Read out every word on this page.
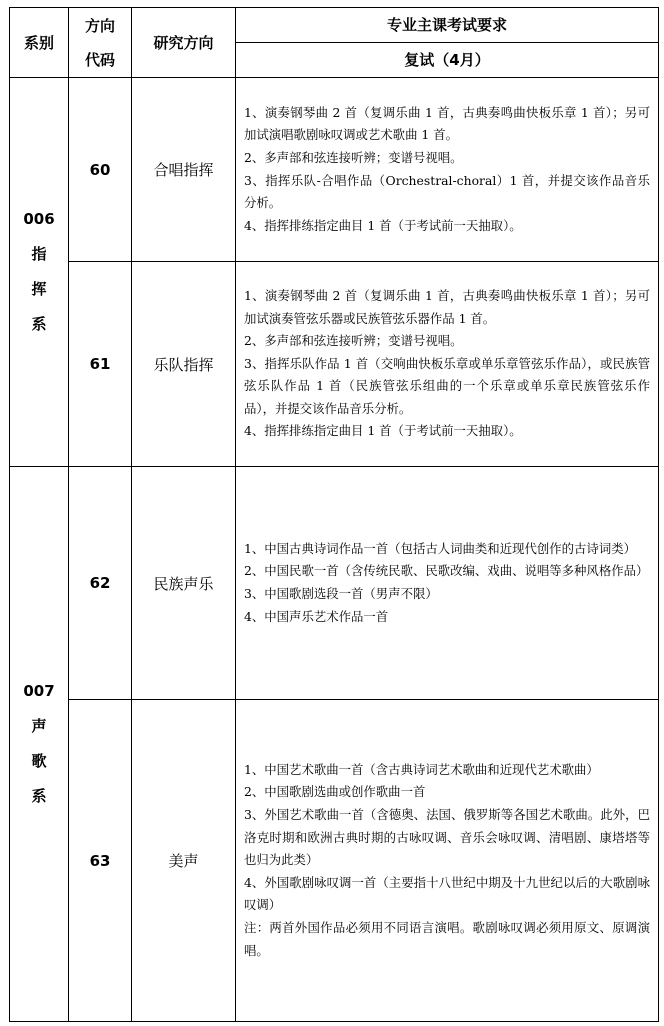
系别	方向
代码	研究方向	专业主课考试要求
			复试（4月）

006
指
挥
系	60	合唱指挥	1、演奏钢琴曲 2 首（复调乐曲 1 首，古典奏鸣曲快板乐章 1 首）；另可加试演唱歌剧咏叹调或艺术歌曲 1 首。
2、多声部和弦连接听辨；变谱号视唱。
3、指挥乐队-合唱作品（Orchestral-choral）1 首，并提交该作品音乐分析。
4、指挥排练指定曲目 1 首（于考试前一天抽取）。

	61	乐队指挥	1、演奏钢琴曲 2 首（复调乐曲 1 首，古典奏鸣曲快板乐章 1 首）；另可加试演奏管弦乐器或民族管弦乐器作品 1 首。
2、多声部和弦连接听辨；变谱号视唱。
3、指挥乐队作品 1 首（交响曲快板乐章或单乐章管弦乐作品），或民族管弦乐队作品 1 首（民族管弦乐组曲的一个乐章或单乐章民族管弦乐作品），并提交该作品音乐分析。
4、指挥排练指定曲目 1 首（于考试前一天抽取）。

007
声
歌
系	62	民族声乐	1、中国古典诗词作品一首（包括古人词曲类和近现代创作的古诗词类）
2、中国民歌一首（含传统民歌、民歌改编、戏曲、说唱等多种风格作品）
3、中国歌剧选段一首（男声不限）
4、中国声乐艺术作品一首

	63	美声	1、中国艺术歌曲一首（含古典诗词艺术歌曲和近现代艺术歌曲）
2、中国歌剧选曲或创作歌曲一首
3、外国艺术歌曲一首（含德奥、法国、俄罗斯等各国艺术歌曲。此外，巴洛克时期和欧洲古典时期的古咏叹调、音乐会咏叹调、清唱剧、康塔塔等也归为此类）
4、外国歌剧咏叹调一首（主要指十八世纪中期及十九世纪以后的大歌剧咏叹调）
注：两首外国作品必须用不同语言演唱。歌剧咏叹调必须用原文、原调演唱。
